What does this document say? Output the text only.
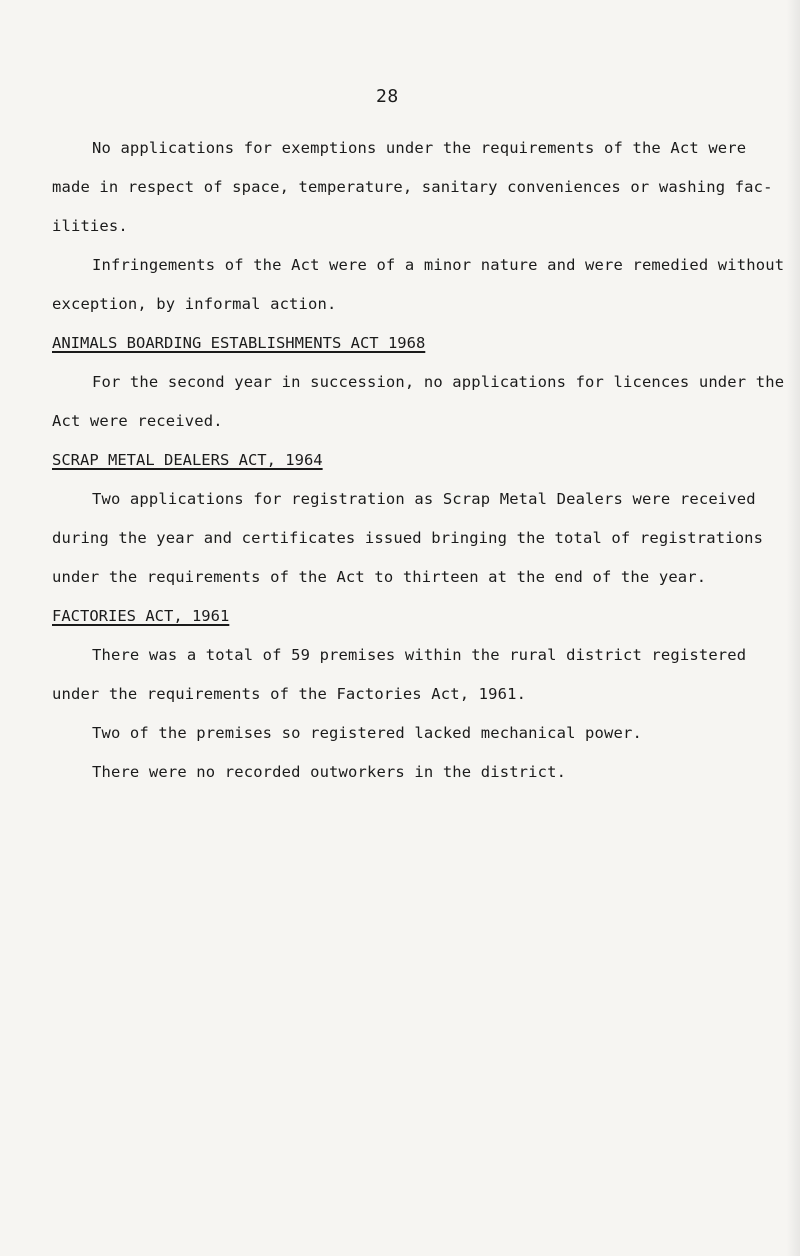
28
No applications for exemptions under the requirements of the Act were
made in respect of space, temperature, sanitary conveniences or washing fac-
ilities.
Infringements of the Act were of a minor nature and were remedied without
exception, by informal action.
ANIMALS BOARDING ESTABLISHMENTS ACT 1968
For the second year in succession, no applications for licences under the
Act were received.
SCRAP METAL DEALERS ACT, 1964
Two applications for registration as Scrap Metal Dealers were received
during the year and certificates issued bringing the total of registrations
under the requirements of the Act to thirteen at the end of the year.
FACTORIES ACT, 1961
There was a total of 59 premises within the rural district registered
under the requirements of the Factories Act, 1961.
Two of the premises so registered lacked mechanical power.
There were no recorded outworkers in the district.
